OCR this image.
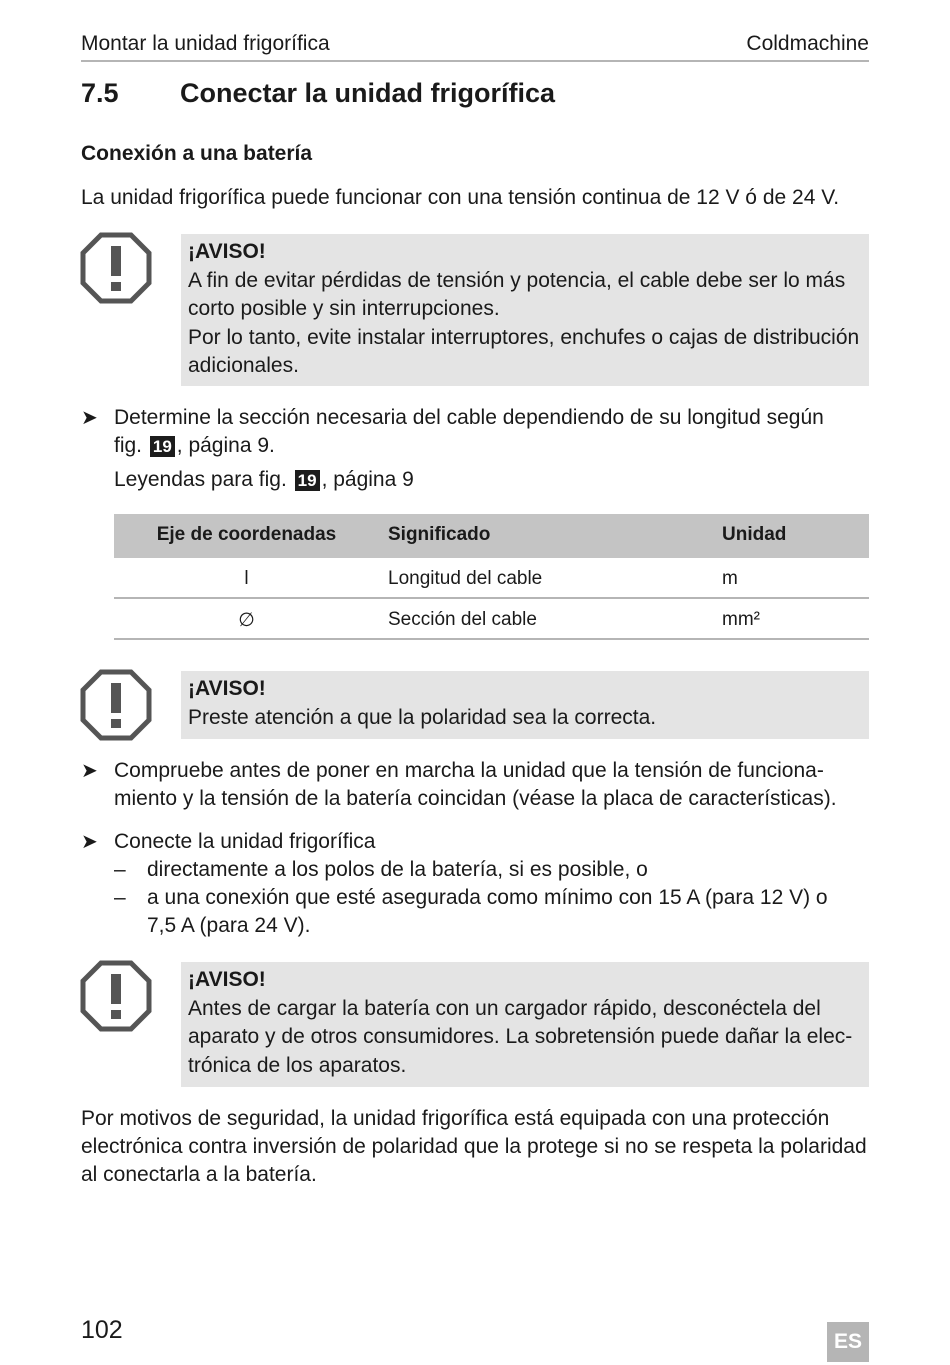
Montar la unidad frigorífica	Coldmachine
7.5 Conectar la unidad frigorífica
Conexión a una batería
La unidad frigorífica puede funcionar con una tensión continua de 12 V ó de 24 V.
¡AVISO!
A fin de evitar pérdidas de tensión y potencia, el cable debe ser lo más
corto posible y sin interrupciones.
Por lo tanto, evite instalar interruptores, enchufes o cajas de distribución
adicionales.
➤ Determine la sección necesaria del cable dependiendo de su longitud según
fig. 19 , página 9.
Leyendas para fig. 19 , página 9
Eje de coordenadas	Significado	Unidad
l	Longitud del cable	m
∅	Sección del cable	mm²
¡AVISO!
Preste atención a que la polaridad sea la correcta.
➤ Compruebe antes de poner en marcha la unidad que la tensión de funciona-
miento y la tensión de la batería coincidan (véase la placa de características).
➤ Conecte la unidad frigorífica
– directamente a los polos de la batería, si es posible, o
– a una conexión que esté asegurada como mínimo con 15 A (para 12 V) o
7,5 A (para 24 V).
¡AVISO!
Antes de cargar la batería con un cargador rápido, desconéctela del
aparato y de otros consumidores. La sobretensión puede dañar la elec-
trónica de los aparatos.
Por motivos de seguridad, la unidad frigorífica está equipada con una protección
electrónica contra inversión de polaridad que la protege si no se respeta la polaridad
al conectarla a la batería.
102	ES
